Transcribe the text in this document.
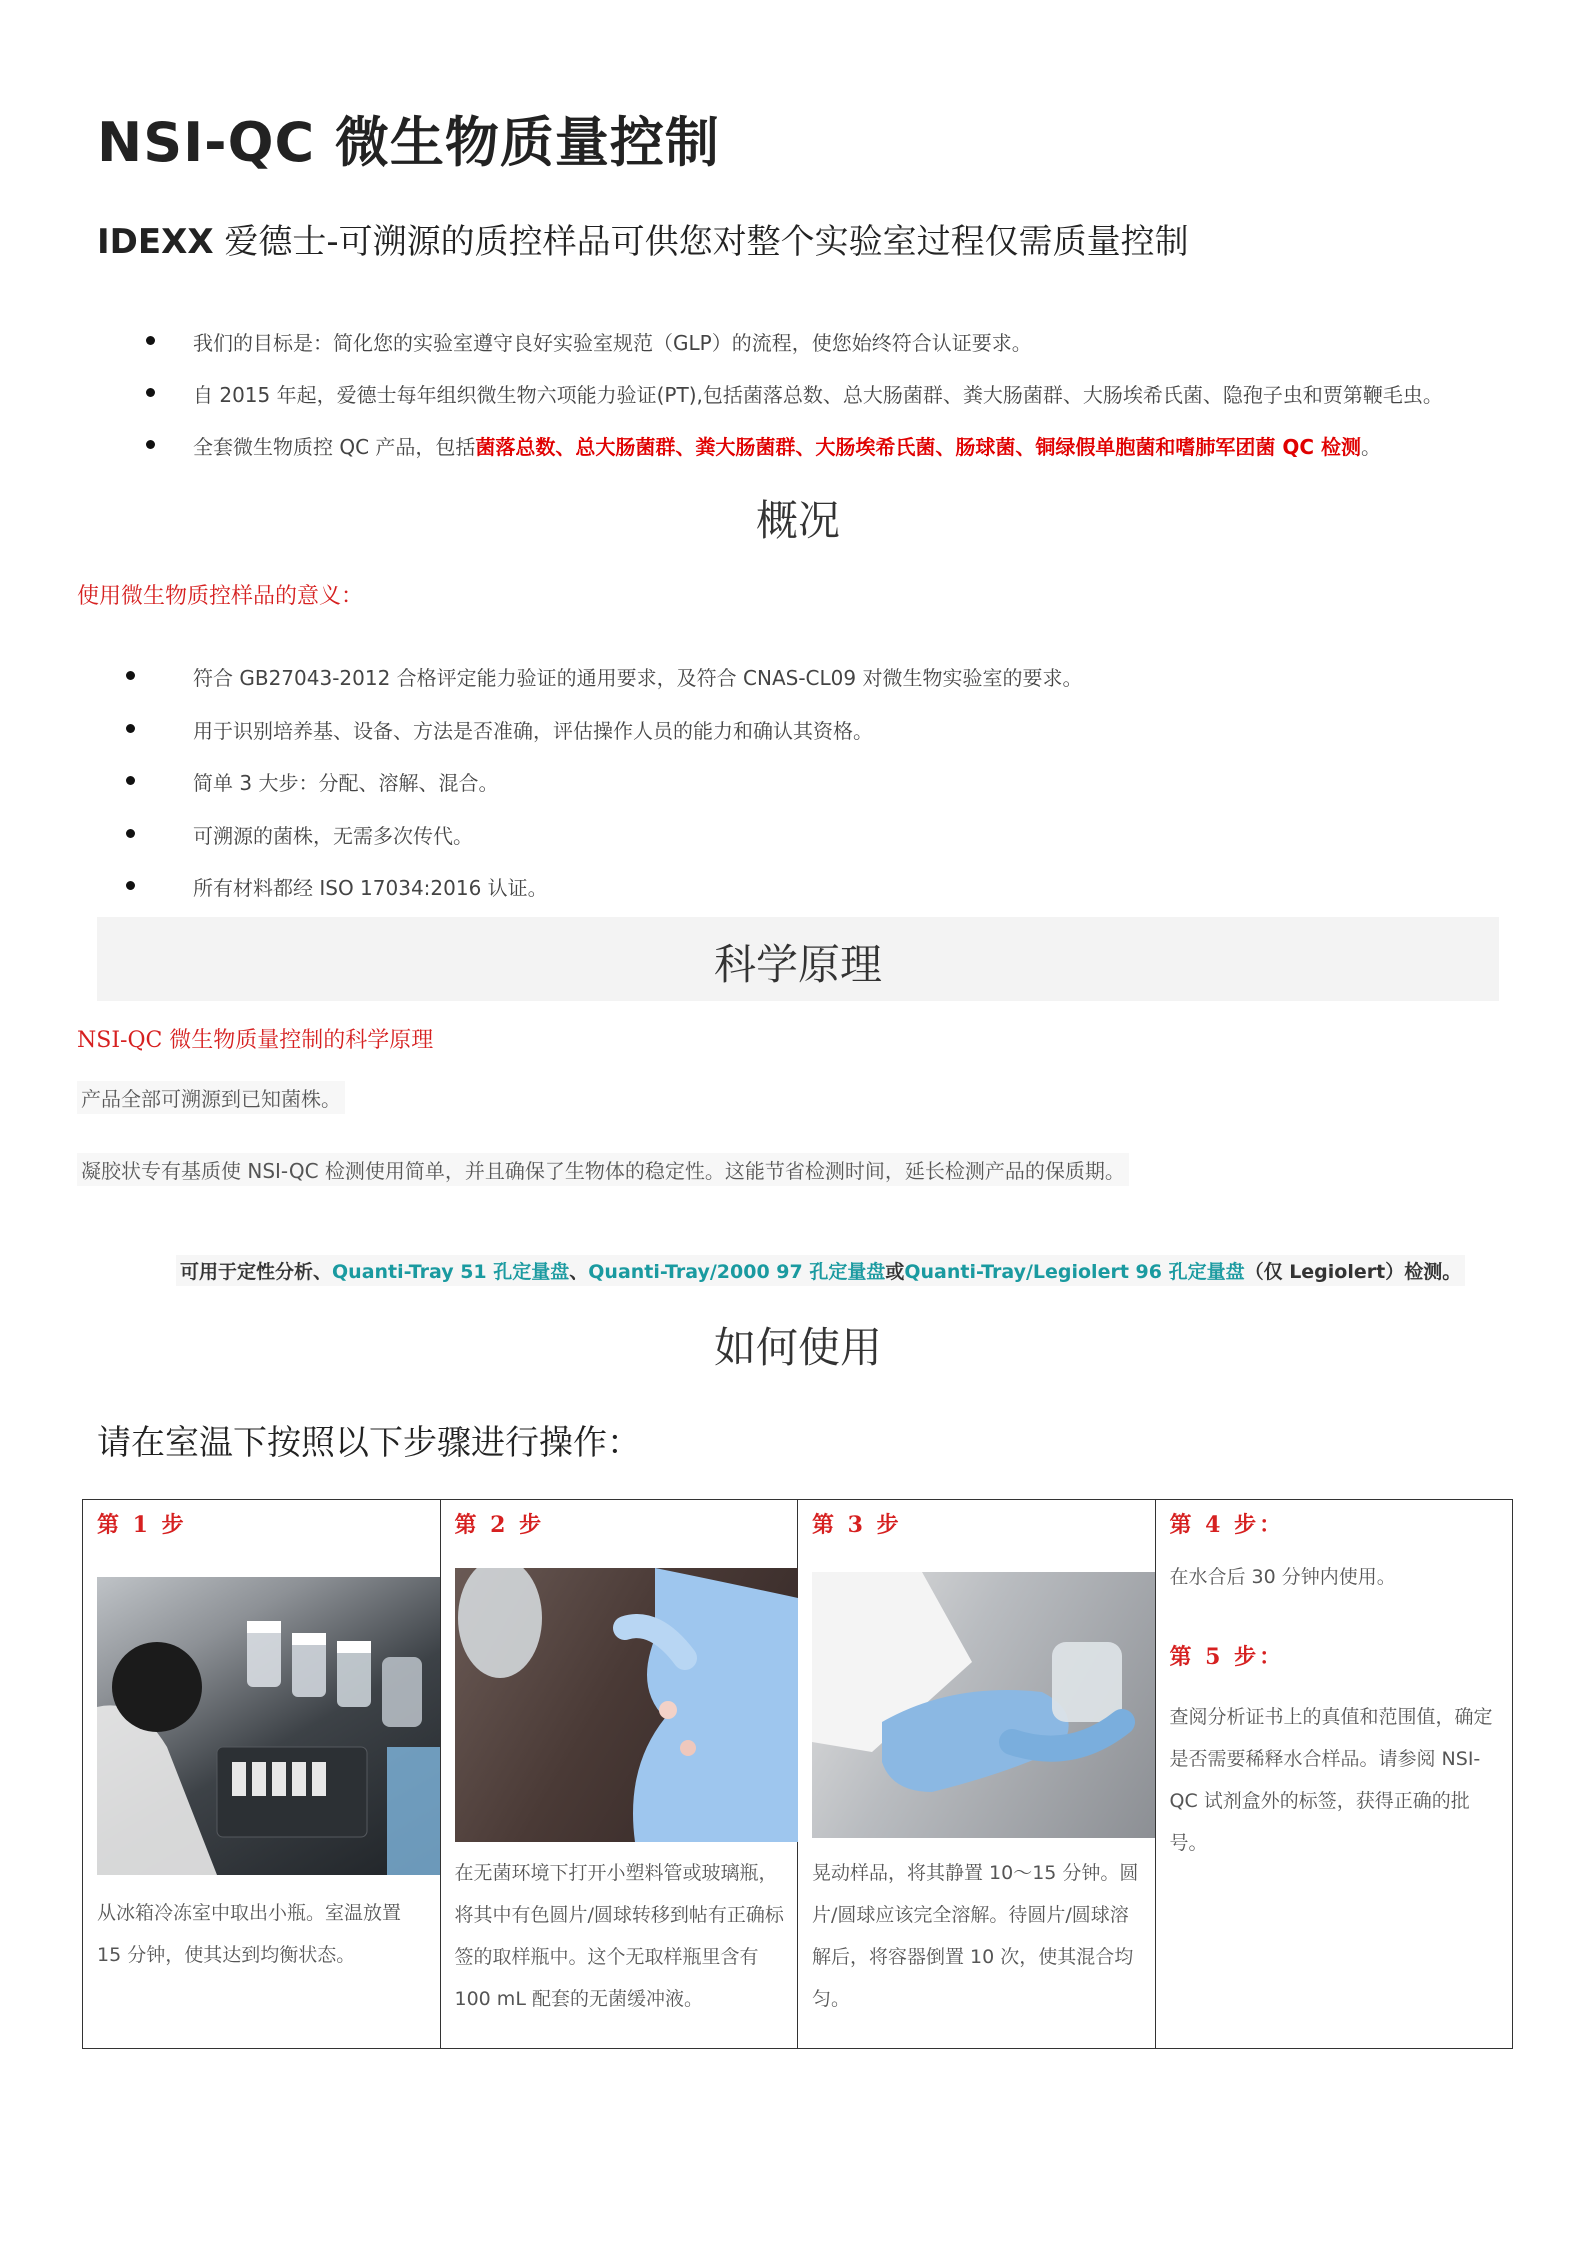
NSI-QC 微生物质量控制
IDEXX 爱德士-可溯源的质控样品可供您对整个实验室过程仅需质量控制
我们的目标是：简化您的实验室遵守良好实验室规范（GLP）的流程，使您始终符合认证要求。
自 2015 年起，爱德士每年组织微生物六项能力验证(PT),包括菌落总数、总大肠菌群、粪大肠菌群、大肠埃希氏菌、隐孢子虫和贾第鞭毛虫。
全套微生物质控 QC 产品，包括菌落总数、总大肠菌群、粪大肠菌群、大肠埃希氏菌、肠球菌、铜绿假单胞菌和嗜肺军团菌 QC 检测。
概况
使用微生物质控样品的意义：
符合 GB27043-2012 合格评定能力验证的通用要求，及符合 CNAS-CL09 对微生物实验室的要求。
用于识别培养基、设备、方法是否准确，评估操作人员的能力和确认其资格。
简单 3 大步：分配、溶解、混合。
可溯源的菌株，无需多次传代。
所有材料都经 ISO 17034:2016 认证。
科学原理
NSI-QC 微生物质量控制的科学原理
产品全部可溯源到已知菌株。
凝胶状专有基质使 NSI-QC 检测使用简单，并且确保了生物体的稳定性。这能节省检测时间，延长检测产品的保质期。
可用于定性分析、Quanti-Tray 51 孔定量盘、Quanti-Tray/2000 97 孔定量盘或Quanti-Tray/Legiolert 96 孔定量盘（仅 Legiolert）检测。
如何使用
请在室温下按照以下步骤进行操作：
第 1 步
从冰箱冷冻室中取出小瓶。室温放置 15 分钟，使其达到均衡状态。
第 2 步
在无菌环境下打开小塑料管或玻璃瓶，将其中有色圆片/圆球转移到帖有正确标签的取样瓶中。这个无取样瓶里含有 100 mL 配套的无菌缓冲液。
第 3 步
晃动样品，将其静置 10～15 分钟。圆片/圆球应该完全溶解。待圆片/圆球溶解后，将容器倒置 10 次，使其混合均匀。
第 4 步：
在水合后 30 分钟内使用。
第 5 步：
查阅分析证书上的真值和范围值，确定是否需要稀释水合样品。请参阅 NSI-QC 试剂盒外的标签，获得正确的批号。
